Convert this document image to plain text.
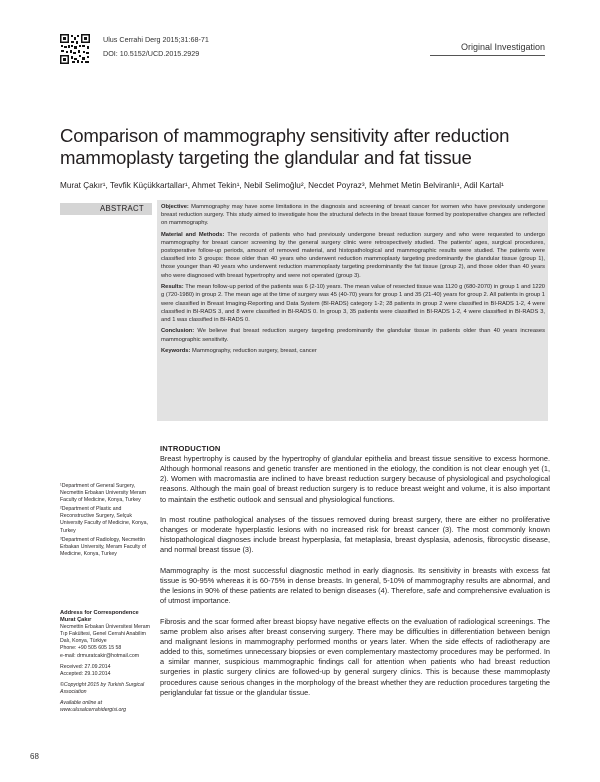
Ulus Cerrahi Derg 2015;31:68-71
DOI: 10.5152/UCD.2015.2929
Original Investigation
Comparison of mammography sensitivity after reduction
mammoplasty targeting the glandular and fat tissue
Murat Çakır¹, Tevfik Küçükkartallar¹, Ahmet Tekin¹, Nebil Selimoğlu², Necdet Poyraz³, Mehmet Metin Belviranlı¹, Adil Kartal¹
ABSTRACT	Objective: Mammography may have some limitations in the diagnosis and screening of breast cancer for women who have previously undergone breast reduction surgery. This study aimed to investigate how the structural defects in the breast tissue formed by postoperative changes are reflected on mammography.

Material and Methods: The records of patients who had previously undergone breast reduction surgery and who were requested to undergo mammography for breast cancer screening by the general surgery clinic were retrospectively studied. The patients' ages, surgical procedures, postoperative follow-up periods, amount of removed material, and histopathological and mammographic results were studied. The patients were classified into 3 groups: those older than 40 years who underwent reduction mammoplasty targeting predominantly the glandular tissue (group 1), those younger than 40 years who underwent reduction mammoplasty targeting predominantly the fat tissue (group 2), and those older than 40 years who were diagnosed with breast hypertrophy and were not operated (group 3).

Results: The mean follow-up period of the patients was 6 (2-10) years. The mean value of resected tissue was 1120 g (680-2070) in group 1 and 1220 g (720-1980) in group 2. The mean age at the time of surgery was 45 (40-70) years for group 1 and 35 (21-40) years for group 2. All patients in group 1 were classified in Breast Imaging-Reporting and Data System (BI-RADS) category 1-2; 28 patients in group 2 were classified in BI-RADS 1-2, 4 were classified in BI-RADS 3, and 8 were classified in BI-RADS 0. In group 3, 35 patients were classified in BI-RADS 1-2, 4 were classified in BI-RADS 3, and 1 was classified in BI-RADS 0.

Conclusion: We believe that breast reduction surgery targeting predominantly the glandular tissue in patients older than 40 years increases mammographic sensitivity.

Keywords: Mammography, reduction surgery, breast, cancer

¹Department of General Surgery, Necmettin Erbakan University Meram Faculty of Medicine, Konya, Turkey

²Department of Plastic and Reconstructive Surgery, Selçuk University Faculty of Medicine, Konya, Turkey

³Department of Radiology, Necmettin Erbakan University, Meram Faculty of Medicine, Konya, Turkey

Address for Correspondence

Murat Çakır

Necmettin Erbakan Üniversitesi Meram Tıp Fakültesi, Genel Cerrahi Anabilim Dalı, Konya, Türkiye

Phone: +90 505 605 15 58

e-mail: drmuratcakir@hotmail.com

Received: 27.09.2014

Accepted: 29.10.2014

©Copyright 2015 by Turkish Surgical Association

Available online at www.ulusalcerrahidergisi.org

68
INTRODUCTION

Breast hypertrophy is caused by the hypertrophy of glandular epithelia and breast tissue sensitive to excess hormone. Although hormonal reasons and genetic transfer are mentioned in the etiology, the condition is not clear enough yet (1, 2). Women with macromastia are inclined to have breast reduction surgery because of physiological and psychological reasons. Although the main goal of breast reduction surgery is to reduce breast weight and volume, it is also important to maintain the esthetic outlook and sensual and physiological functions.

In most routine pathological analyses of the tissues removed during breast surgery, there are either no proliferative changes or moderate hyperplastic lesions with no increased risk for breast cancer (3). The most commonly known histopathological diagnoses include breast hyperplasia, fat metaplasia, breast dysplasia, adenosis, fibrocystic disease, and normal breast tissue (3).

Mammography is the most successful diagnostic method in early diagnosis. Its sensitivity in breasts with excess fat tissue is 90-95% whereas it is 60-75% in dense breasts. In general, 5-10% of mammography results are abnormal, and the lesions in 90% of these patients are related to benign diseases (4). Therefore, safe and comprehensive evaluation is of utmost importance.

Fibrosis and the scar formed after breast biopsy have negative effects on the evaluation of radiological screenings. The same problem also arises after breast conserving surgery. There may be difficulties in differentiation between benign and malignant lesions in mammography performed months or years later. When the side effects of radiotherapy are added to this, sometimes unnecessary biopsies or even complementary mastectomy procedures may be performed. In a similar manner, suspicious mammographic findings call for attention when patients who had breast reduction surgeries in plastic surgery clinics are followed-up by general surgery clinics. This is because these mammoplasty procedures cause serious changes in the morphology of the breast whether they are reduction procedures targeting the periglandular fat tissue or the glandular tissue.
